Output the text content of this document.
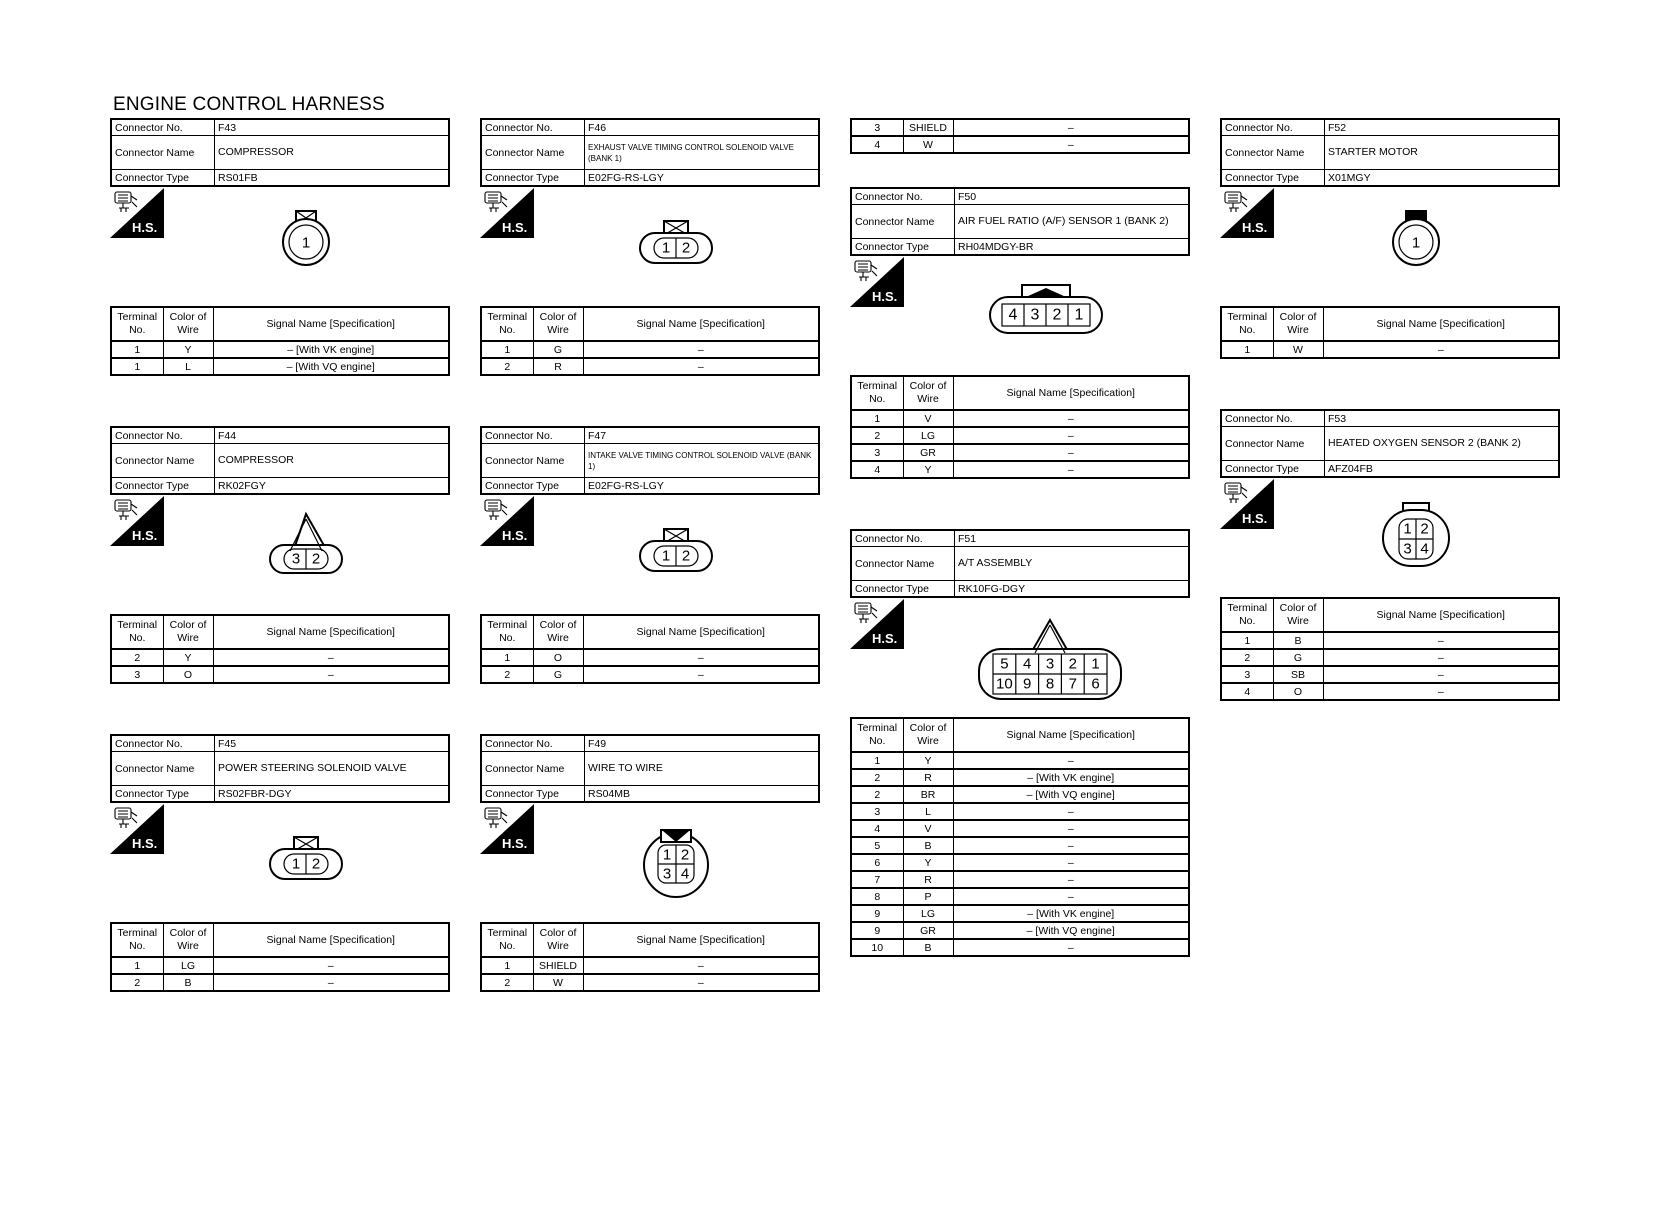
ENGINE CONTROL HARNESS
3	SHIELD	–
4	W	–
Connector No.	F43
Connector Name	COMPRESSOR
Connector Type	RS01FB
H.S.
1
Terminal No.	Color of Wire	Signal Name [Specification]
1	Y	– [With VK engine]
1	L	– [With VQ engine]
Connector No.	F44
Connector Name	COMPRESSOR
Connector Type	RK02FGY
H.S.
3 2
Terminal No.	Color of Wire	Signal Name [Specification]
2	Y	–
3	O	–
Connector No.	F45
Connector Name	POWER STEERING SOLENOID VALVE
Connector Type	RS02FBR-DGY
H.S.
1 2
Terminal No.	Color of Wire	Signal Name [Specification]
1	LG	–
2	B	–
Connector No.	F46
Connector Name	EXHAUST VALVE TIMING CONTROL SOLENOID VALVE (BANK 1)
Connector Type	E02FG-RS-LGY
H.S.
1 2
Terminal No.	Color of Wire	Signal Name [Specification]
1	G	–
2	R	–
Connector No.	F47
Connector Name	INTAKE VALVE TIMING CONTROL SOLENOID VALVE (BANK 1)
Connector Type	E02FG-RS-LGY
H.S.
1 2
Terminal No.	Color of Wire	Signal Name [Specification]
1	O	–
2	G	–
Connector No.	F49
Connector Name	WIRE TO WIRE
Connector Type	RS04MB
H.S.
1 2
3 4
Terminal No.	Color of Wire	Signal Name [Specification]
1	SHIELD	–
2	W	–
Connector No.	F50
Connector Name	AIR FUEL RATIO (A/F) SENSOR 1 (BANK 2)
Connector Type	RH04MDGY-BR
H.S.
4 3 2 1
Terminal No.	Color of Wire	Signal Name [Specification]
1	V	–
2	LG	–
3	GR	–
4	Y	–
Connector No.	F51
Connector Name	A/T ASSEMBLY
Connector Type	RK10FG-DGY
H.S.
5 4 3 2 1
10 9 8 7 6
Terminal No.	Color of Wire	Signal Name [Specification]
1	Y	–
2	R	– [With VK engine]
2	BR	– [With VQ engine]
3	L	–
4	V	–
5	B	–
6	Y	–
7	R	–
8	P	–
9	LG	– [With VK engine]
9	GR	– [With VQ engine]
10	B	–
Connector No.	F52
Connector Name	STARTER MOTOR
Connector Type	X01MGY
H.S.
1
Terminal No.	Color of Wire	Signal Name [Specification]
1	W	–
Connector No.	F53
Connector Name	HEATED OXYGEN SENSOR 2 (BANK 2)
Connector Type	AFZ04FB
H.S.
1 2
3 4
Terminal No.	Color of Wire	Signal Name [Specification]
1	B	–
2	G	–
3	SB	–
4	O	–
